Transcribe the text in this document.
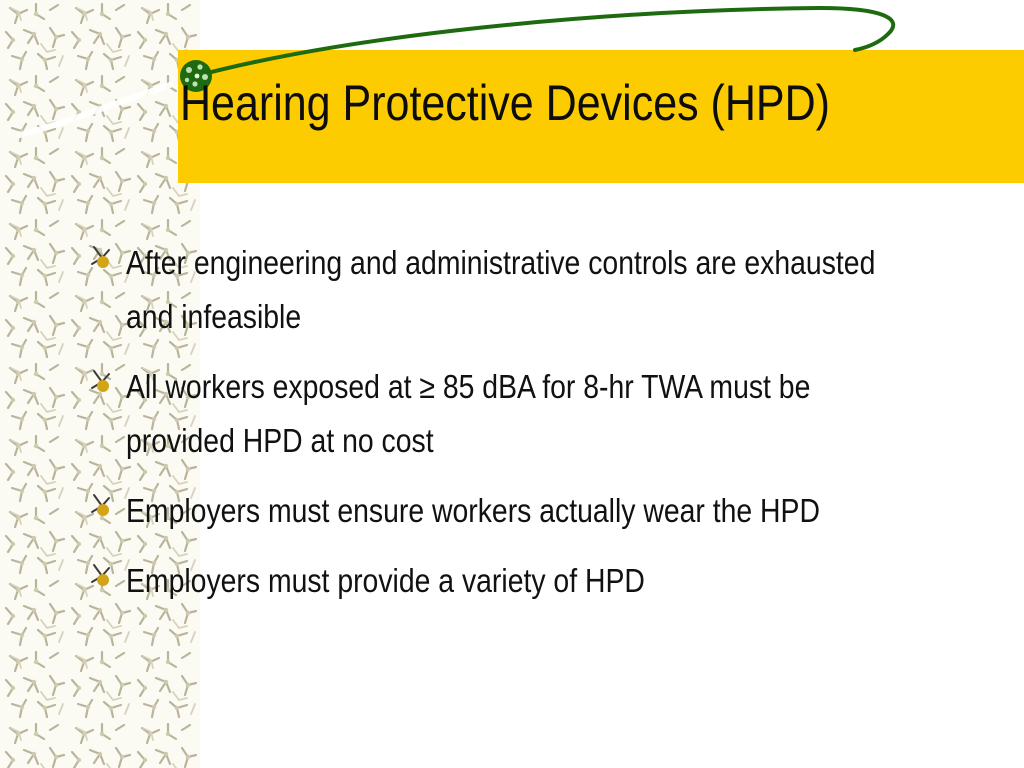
Hearing Protective Devices (HPD)
After engineering and administrative controls are exhausted and infeasible
All workers exposed at ≥ 85 dBA for 8-hr TWA must be provided HPD at no cost
Employers must ensure workers actually wear the HPD
Employers must provide a variety of HPD
